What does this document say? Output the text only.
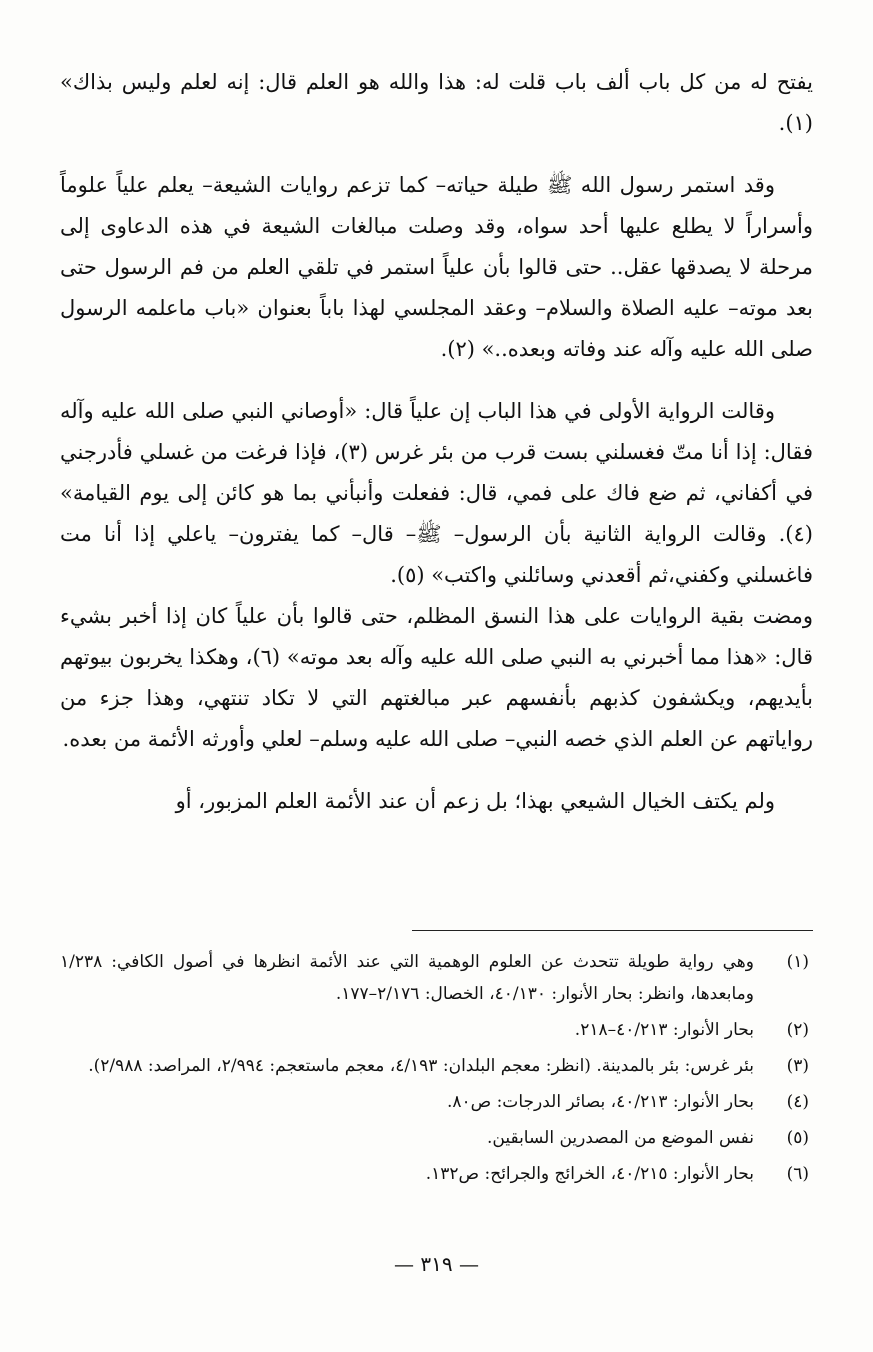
يفتح له من كل باب ألف باب قلت له: هذا والله هو العلم قال: إنه لعلم وليس بذاك» (١).

وقد استمر رسول الله ﷺ طيلة حياته– كما تزعم روايات الشيعة– يعلم علياً علوماً وأسراراً لا يطلع عليها أحد سواه، وقد وصلت مبالغات الشيعة في هذه الدعاوى إلى مرحلة لا يصدقها عقل.. حتى قالوا بأن علياً استمر في تلقي العلم من فم الرسول حتى بعد موته– عليه الصلاة والسلام– وعقد المجلسي لهذا باباً بعنوان «باب ماعلمه الرسول صلى الله عليه وآله عند وفاته وبعده..» (٢).

وقالت الرواية الأولى في هذا الباب إن علياً قال: «أوصاني النبي صلى الله عليه وآله فقال: إذا أنا متّ فغسلني بست قرب من بئر غرس (٣)، فإذا فرغت من غسلي فأدرجني في أكفاني، ثم ضع فاك على فمي، قال: ففعلت وأنبأني بما هو كائن إلى يوم القيامة» (٤). وقالت الرواية الثانية بأن الرسول– ﷺ– قال– كما يفترون– ياعلي إذا أنا مت فاغسلني وكفني،ثم أقعدني وسائلني واكتب» (٥).

ومضت بقية الروايات على هذا النسق المظلم، حتى قالوا بأن علياً كان إذا أخبر بشيء قال: «هذا مما أخبرني به النبي صلى الله عليه وآله بعد موته» (٦)، وهكذا يخربون بيوتهم بأيديهم، ويكشفون كذبهم بأنفسهم عبر مبالغتهم التي لا تكاد تنتهي، وهذا جزء من رواياتهم عن العلم الذي خصه النبي– صلى الله عليه وسلم– لعلي وأورثه الأئمة من بعده.

ولم يكتف الخيال الشيعي بهذا؛ بل زعم أن عند الأئمة العلم المزبور، أو

(١)
وهي رواية طويلة تتحدث عن العلوم الوهمية التي عند الأئمة انظرها في أصول الكافي: ١/٢٣٨ ومابعدها، وانظر: بحار الأنوار: ٤٠/١٣٠، الخصال: ٢/١٧٦–١٧٧.
(٢)
بحار الأنوار: ٤٠/٢١٣–٢١٨.
(٣)
بئر غرس: بئر بالمدينة. (انظر: معجم البلدان: ٤/١٩٣، معجم ماستعجم: ٢/٩٩٤، المراصد: ٢/٩٨٨).
(٤)
بحار الأنوار: ٤٠/٢١٣، بصائر الدرجات: ص٨٠.
(٥)
نفس الموضع من المصدرين السابقين.
(٦)
بحار الأنوار: ٤٠/٢١٥، الخرائج والجرائح: ص١٣٢.
— ٣١٩ —
